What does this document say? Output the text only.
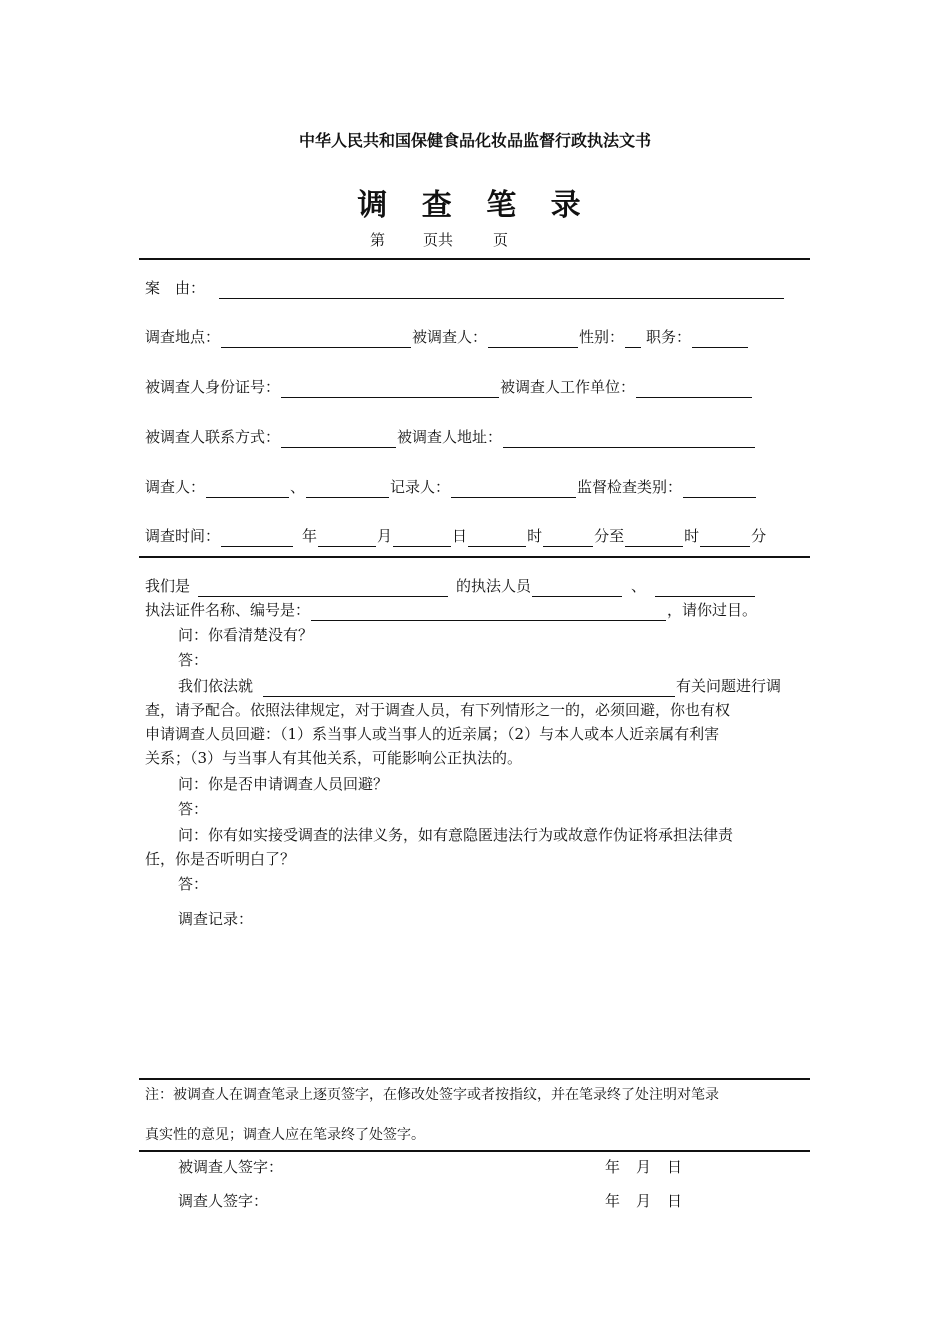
中华人民共和国保健食品化妆品监督行政执法文书
调 查 笔 录
第	页共	页
案　由：
调查地点：	被调查人：	性别： 职务：
被调查人身份证号：	被调查人工作单位：
被调查人联系方式：	被调查人地址：
调查人：	、	记录人：	监督检查类别：
调查时间：	年	月	日	时	分至	时	分
我们是	的执法人员	、
执法证件名称、编号是：	，请你过目。
问：你看清楚没有？
答：
我们依法就	有关问题进行调
查，请予配合。依照法律规定，对于调查人员，有下列情形之一的，必须回避，你也有权
申请调查人员回避：（1）系当事人或当事人的近亲属；（2）与本人或本人近亲属有利害
关系；（3）与当事人有其他关系，可能影响公正执法的。
问：你是否申请调查人员回避？
答：
问：你有如实接受调查的法律义务，如有意隐匿违法行为或故意作伪证将承担法律责
任，你是否听明白了？
答：
调查记录：
注：被调查人在调查笔录上逐页签字，在修改处签字或者按指纹，并在笔录终了处注明对笔录
真实性的意见；调查人应在笔录终了处签字。
被调查人签字：	年 月 日
调查人签字：	年 月 日
